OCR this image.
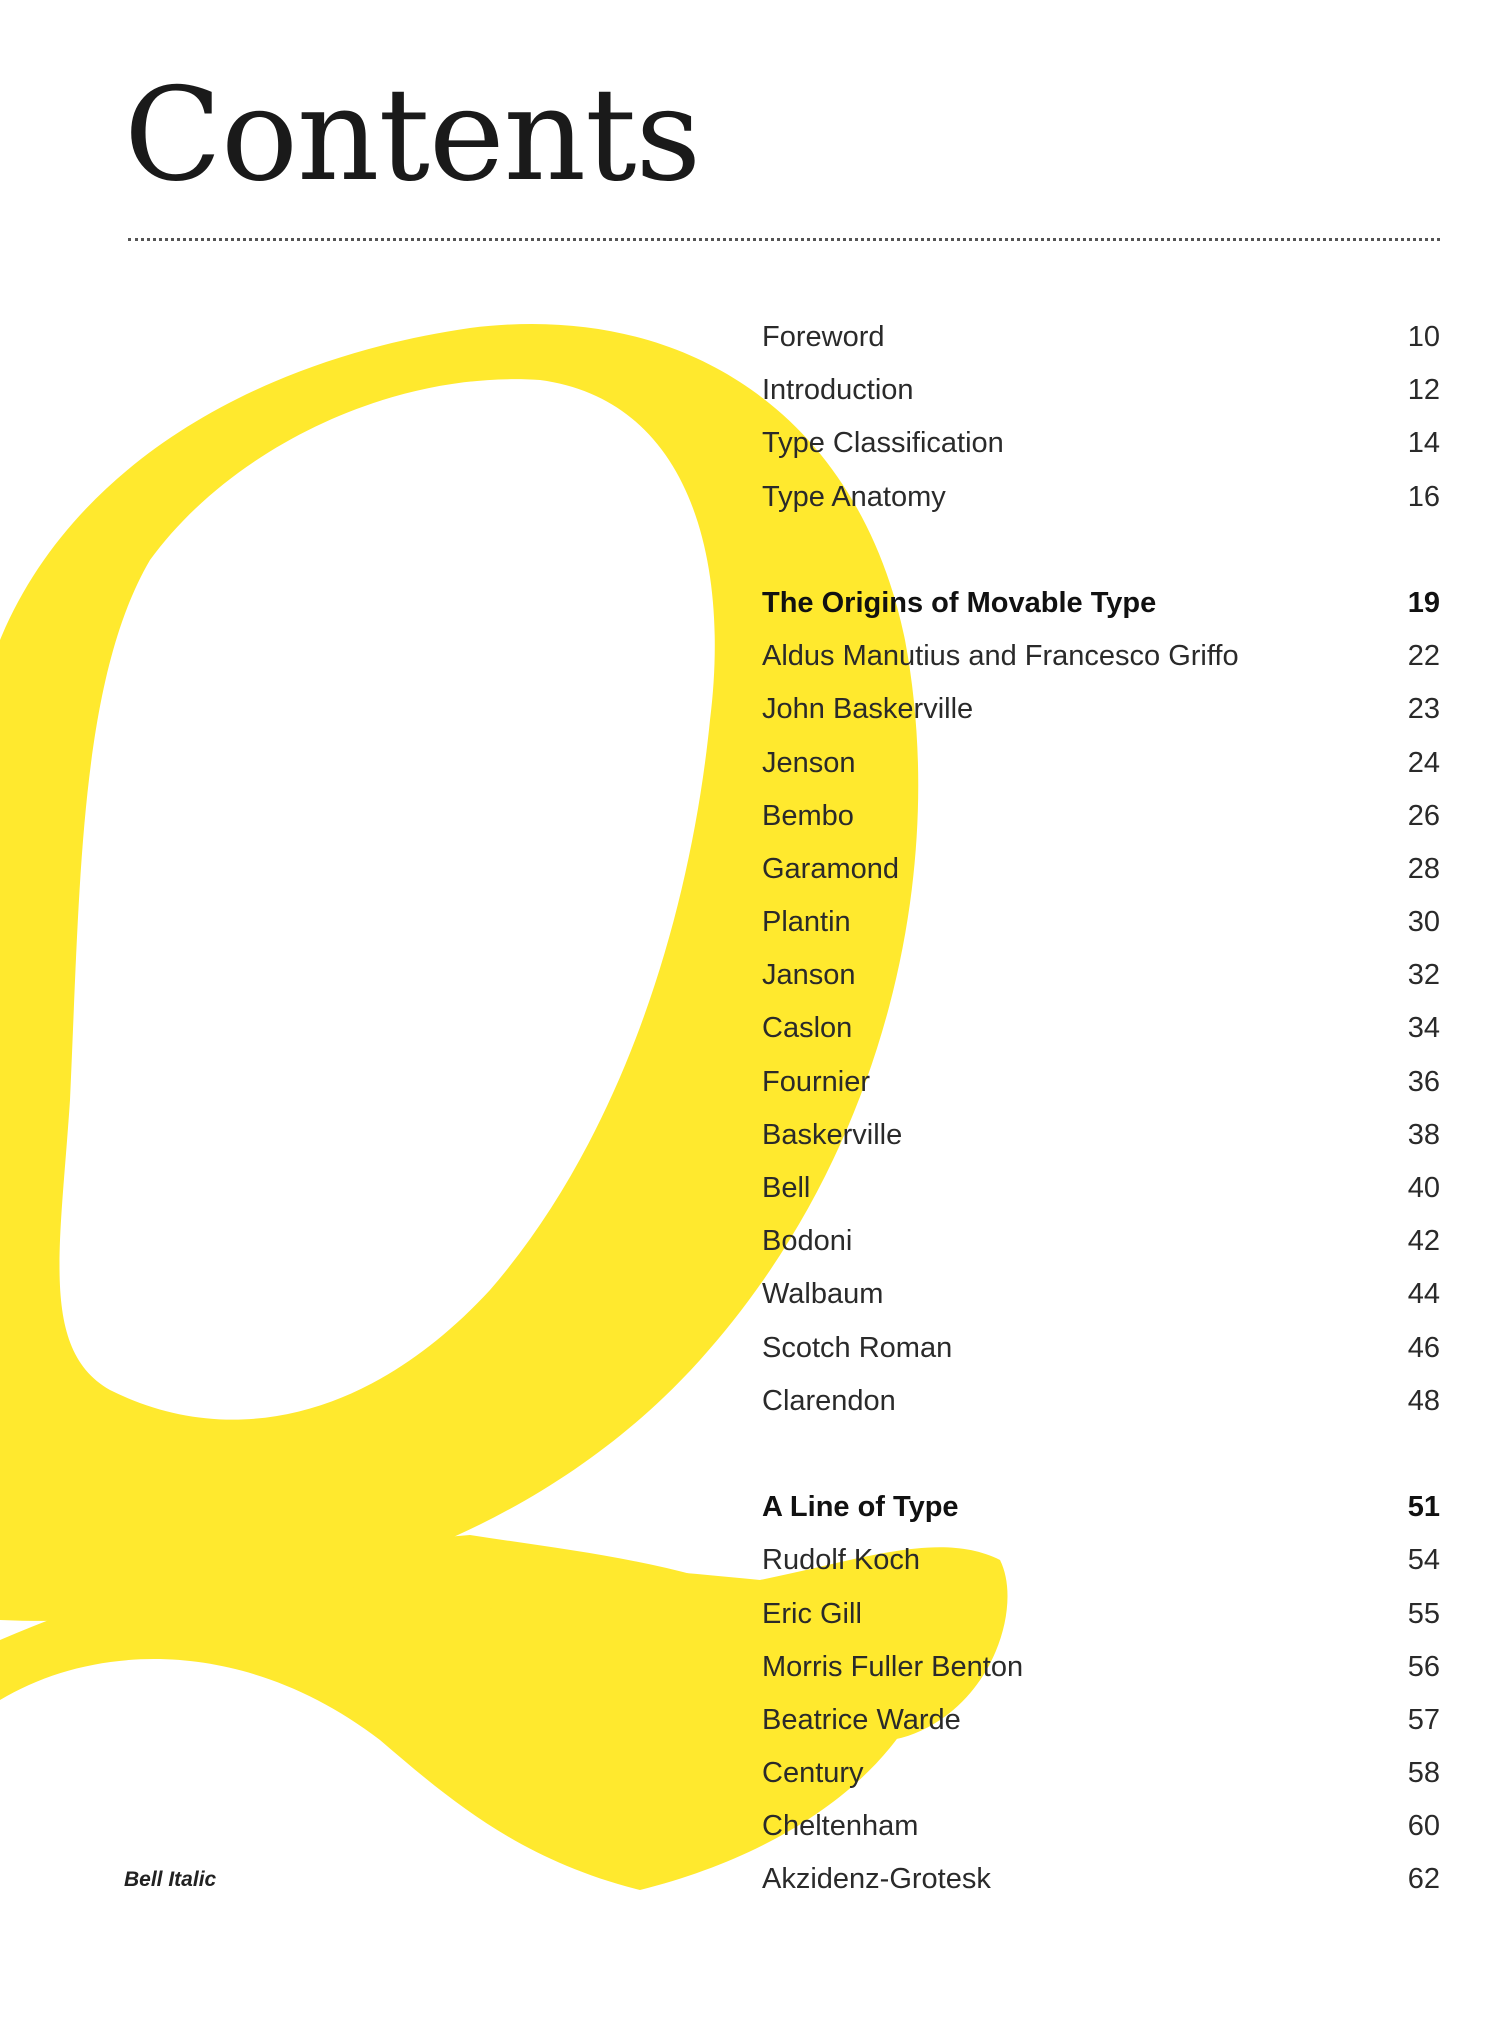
Contents
Foreword	10
Introduction	12
Type Classification	14
Type Anatomy	16
The Origins of Movable Type	19
Aldus Manutius and Francesco Griffo	22
John Baskerville	23
Jenson	24
Bembo	26
Garamond	28
Plantin	30
Janson	32
Caslon	34
Fournier	36
Baskerville	38
Bell	40
Bodoni	42
Walbaum	44
Scotch Roman	46
Clarendon	48
A Line of Type	51
Rudolf Koch	54
Eric Gill	55
Morris Fuller Benton	56
Beatrice Warde	57
Century	58
Cheltenham	60
Akzidenz-Grotesk	62
Bell Italic
